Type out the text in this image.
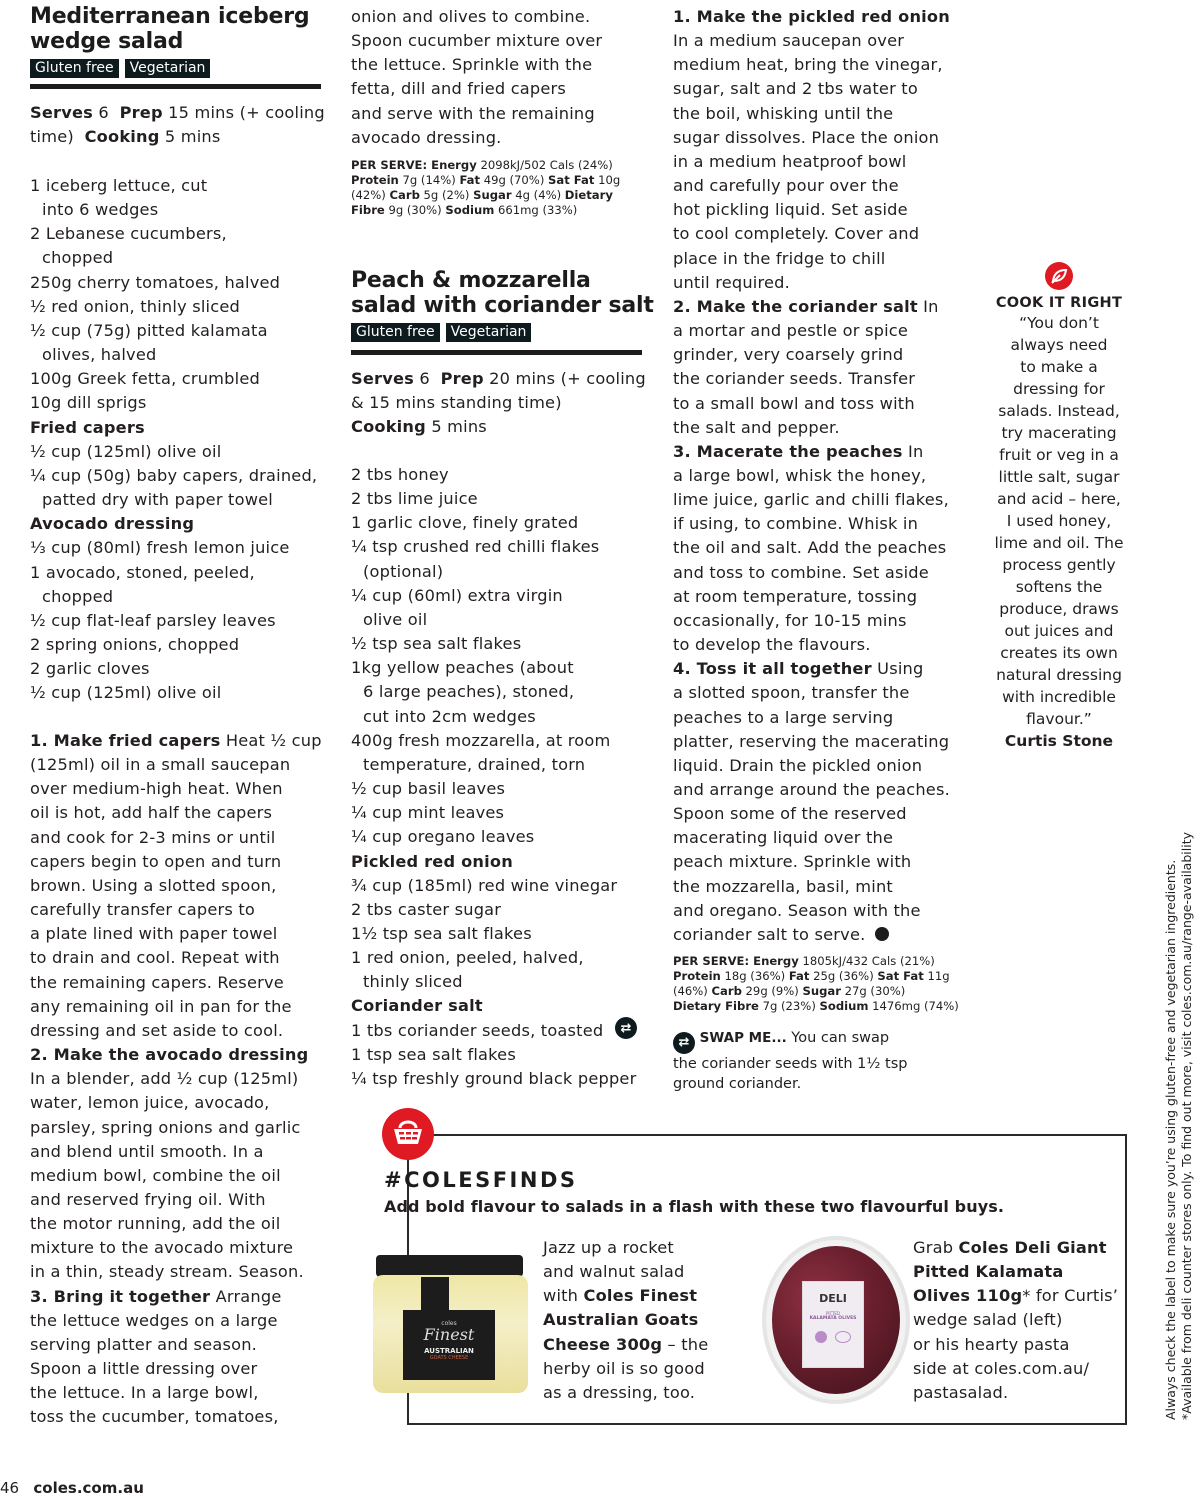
Mediterranean iceberg
wedge salad
Gluten free Vegetarian
Serves 6 Prep 15 mins (+ cooling
time) Cooking 5 mins
1 iceberg lettuce, cut
into 6 wedges
2 Lebanese cucumbers,
chopped
250g cherry tomatoes, halved
½ red onion, thinly sliced
½ cup (75g) pitted kalamata
olives, halved
100g Greek fetta, crumbled
10g dill sprigs
Fried capers
½ cup (125ml) olive oil
¼ cup (50g) baby capers, drained,
patted dry with paper towel
Avocado dressing
⅓ cup (80ml) fresh lemon juice
1 avocado, stoned, peeled,
chopped
½ cup flat-leaf parsley leaves
2 spring onions, chopped
2 garlic cloves
½ cup (125ml) olive oil
1. Make fried capers Heat ½ cup
(125ml) oil in a small saucepan
over medium-high heat. When
oil is hot, add half the capers
and cook for 2-3 mins or until
capers begin to open and turn
brown. Using a slotted spoon,
carefully transfer capers to
a plate lined with paper towel
to drain and cool. Repeat with
the remaining capers. Reserve
any remaining oil in pan for the
dressing and set aside to cool.
2. Make the avocado dressing
In a blender, add ½ cup (125ml)
water, lemon juice, avocado,
parsley, spring onions and garlic
and blend until smooth. In a
medium bowl, combine the oil
and reserved frying oil. With
the motor running, add the oil
mixture to the avocado mixture
in a thin, steady stream. Season.
3. Bring it together Arrange
the lettuce wedges on a large
serving platter and season.
Spoon a little dressing over
the lettuce. In a large bowl,
toss the cucumber, tomatoes,
onion and olives to combine.
Spoon cucumber mixture over
the lettuce. Sprinkle with the
fetta, dill and fried capers
and serve with the remaining
avocado dressing.
PER SERVE: Energy 2098kJ/502 Cals (24%)
Protein 7g (14%) Fat 49g (70%) Sat Fat 10g
(42%) Carb 5g (2%) Sugar 4g (4%) Dietary
Fibre 9g (30%) Sodium 661mg (33%)
Peach & mozzarella
salad with coriander salt
Gluten free Vegetarian
Serves 6 Prep 20 mins (+ cooling
& 15 mins standing time)
Cooking 5 mins
2 tbs honey
2 tbs lime juice
1 garlic clove, finely grated
¼ tsp crushed red chilli flakes
(optional)
¼ cup (60ml) extra virgin
olive oil
½ tsp sea salt flakes
1kg yellow peaches (about
6 large peaches), stoned,
cut into 2cm wedges
400g fresh mozzarella, at room
temperature, drained, torn
½ cup basil leaves
¼ cup mint leaves
¼ cup oregano leaves
Pickled red onion
¾ cup (185ml) red wine vinegar
2 tbs caster sugar
1½ tsp sea salt flakes
1 red onion, peeled, halved,
thinly sliced
Coriander salt
1 tbs coriander seeds, toasted
1 tsp sea salt flakes
¼ tsp freshly ground black pepper
⇄
1. Make the pickled red onion
In a medium saucepan over
medium heat, bring the vinegar,
sugar, salt and 2 tbs water to
the boil, whisking until the
sugar dissolves. Place the onion
in a medium heatproof bowl
and carefully pour over the
hot pickling liquid. Set aside
to cool completely. Cover and
place in the fridge to chill
until required.
2. Make the coriander salt In
a mortar and pestle or spice
grinder, very coarsely grind
the coriander seeds. Transfer
to a small bowl and toss with
the salt and pepper.
3. Macerate the peaches In
a large bowl, whisk the honey,
lime juice, garlic and chilli flakes,
if using, to combine. Whisk in
the oil and salt. Add the peaches
and toss to combine. Set aside
at room temperature, tossing
occasionally, for 10-15 mins
to develop the flavours.
4. Toss it all together Using
a slotted spoon, transfer the
peaches to a large serving
platter, reserving the macerating
liquid. Drain the pickled onion
and arrange around the peaches.
Spoon some of the reserved
macerating liquid over the
peach mixture. Sprinkle with
the mozzarella, basil, mint
and oregano. Season with the
coriander salt to serve.
PER SERVE: Energy 1805kJ/432 Cals (21%)
Protein 18g (36%) Fat 25g (36%) Sat Fat 11g
(46%) Carb 29g (9%) Sugar 27g (30%)
Dietary Fibre 7g (23%) Sodium 1476mg (74%)
⇄ SWAP ME... You can swap
the coriander seeds with 1½ tsp
ground coriander.
COOK IT RIGHT
“You don’t
always need
to make a
dressing for
salads. Instead,
try macerating
fruit or veg in a
little salt, sugar
and acid – here,
I used honey,
lime and oil. The
process gently
softens the
produce, draws
out juices and
creates its own
natural dressing
with incredible
flavour.”
Curtis Stone
#COLESFINDS
Add bold flavour to salads in a flash with these two flavourful buys.
coles
Finest
AUSTRALIAN
GOATS CHEESE
Jazz up a rocket
and walnut salad
with Coles Finest
Australian Goats
Cheese 300g – the
herby oil is so good
as a dressing, too.
DELI
PITTED
KALAMATA OLIVES
Grab Coles Deli Giant
Pitted Kalamata
Olives 110g* for Curtis’
wedge salad (left)
or his hearty pasta
side at coles.com.au/
pastasalad.	Always check the label to make sure you’re using gluten-free and vegetarian ingredients. *Available from deli counter stores only. To find out more, visit coles.com.au/range-availability
46 coles.com.au
